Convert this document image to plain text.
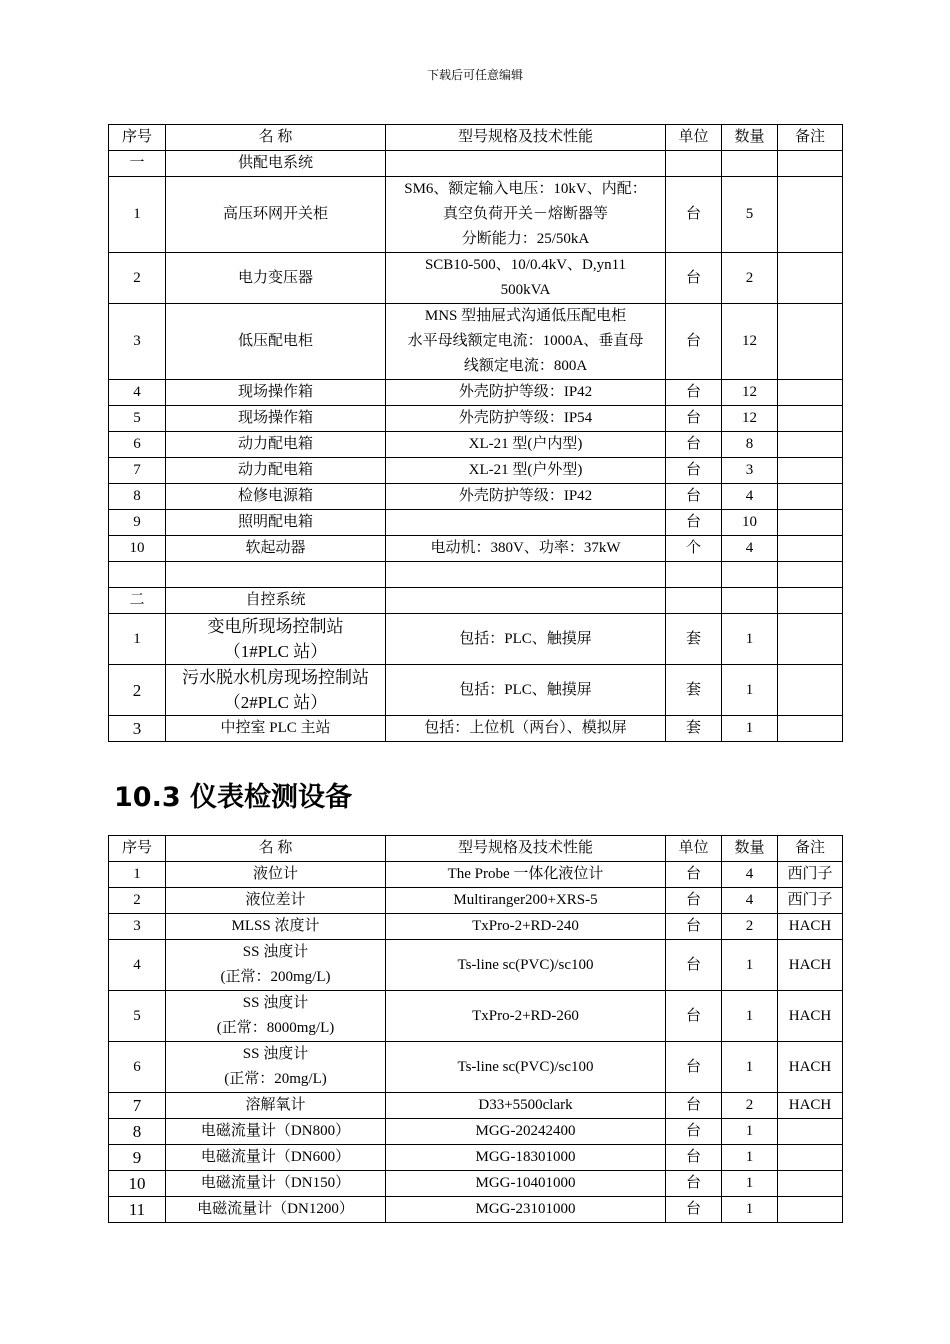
下载后可任意编辑
序号	名 称	型号规格及技术性能	单位	数量	备注
一	供配电系统				
1	高压环网开关柜	SM6、额定输入电压：10kV、内配：
真空负荷开关－熔断器等
分断能力：25/50kA	台	5	
2	电力变压器	SCB10-500、10/0.4kV、D,yn11
500kVA	台	2	
3	低压配电柜	MNS 型抽屉式沟通低压配电柜
水平母线额定电流：1000A、垂直母
线额定电流：800A	台	12	
4	现场操作箱	外壳防护等级：IP42	台	12	
5	现场操作箱	外壳防护等级：IP54	台	12	
6	动力配电箱	XL-21 型(户内型)	台	8	
7	动力配电箱	XL-21 型(户外型)	台	3	
8	检修电源箱	外壳防护等级：IP42	台	4	
9	照明配电箱		台	10	
10	软起动器	电动机：380V、功率：37kW	个	4	

二	自控系统				
1	变电所现场控制站
（1#PLC 站）	包括：PLC、触摸屏	套	1	
2	污水脱水机房现场控制站
（2#PLC 站）	包括：PLC、触摸屏	套	1	
3	中控室 PLC 主站	包括：上位机（两台）、模拟屏	套	1	
10.3 仪表检测设备
序号	名 称	型号规格及技术性能	单位	数量	备注
1	液位计	The Probe 一体化液位计	台	4	西门子
2	液位差计	Multiranger200+XRS-5	台	4	西门子
3	MLSS 浓度计	TxPro-2+RD-240	台	2	HACH
4	SS 浊度计
(正常：200mg/L)	Ts-line sc(PVC)/sc100	台	1	HACH
5	SS 浊度计
(正常：8000mg/L)	TxPro-2+RD-260	台	1	HACH
6	SS 浊度计
(正常：20mg/L)	Ts-line sc(PVC)/sc100	台	1	HACH
7	溶解氧计	D33+5500clark	台	2	HACH
8	电磁流量计（DN800）	MGG-20242400	台	1	
9	电磁流量计（DN600）	MGG-18301000	台	1	
10	电磁流量计（DN150）	MGG-10401000	台	1	
11	电磁流量计（DN1200）	MGG-23101000	台	1	
